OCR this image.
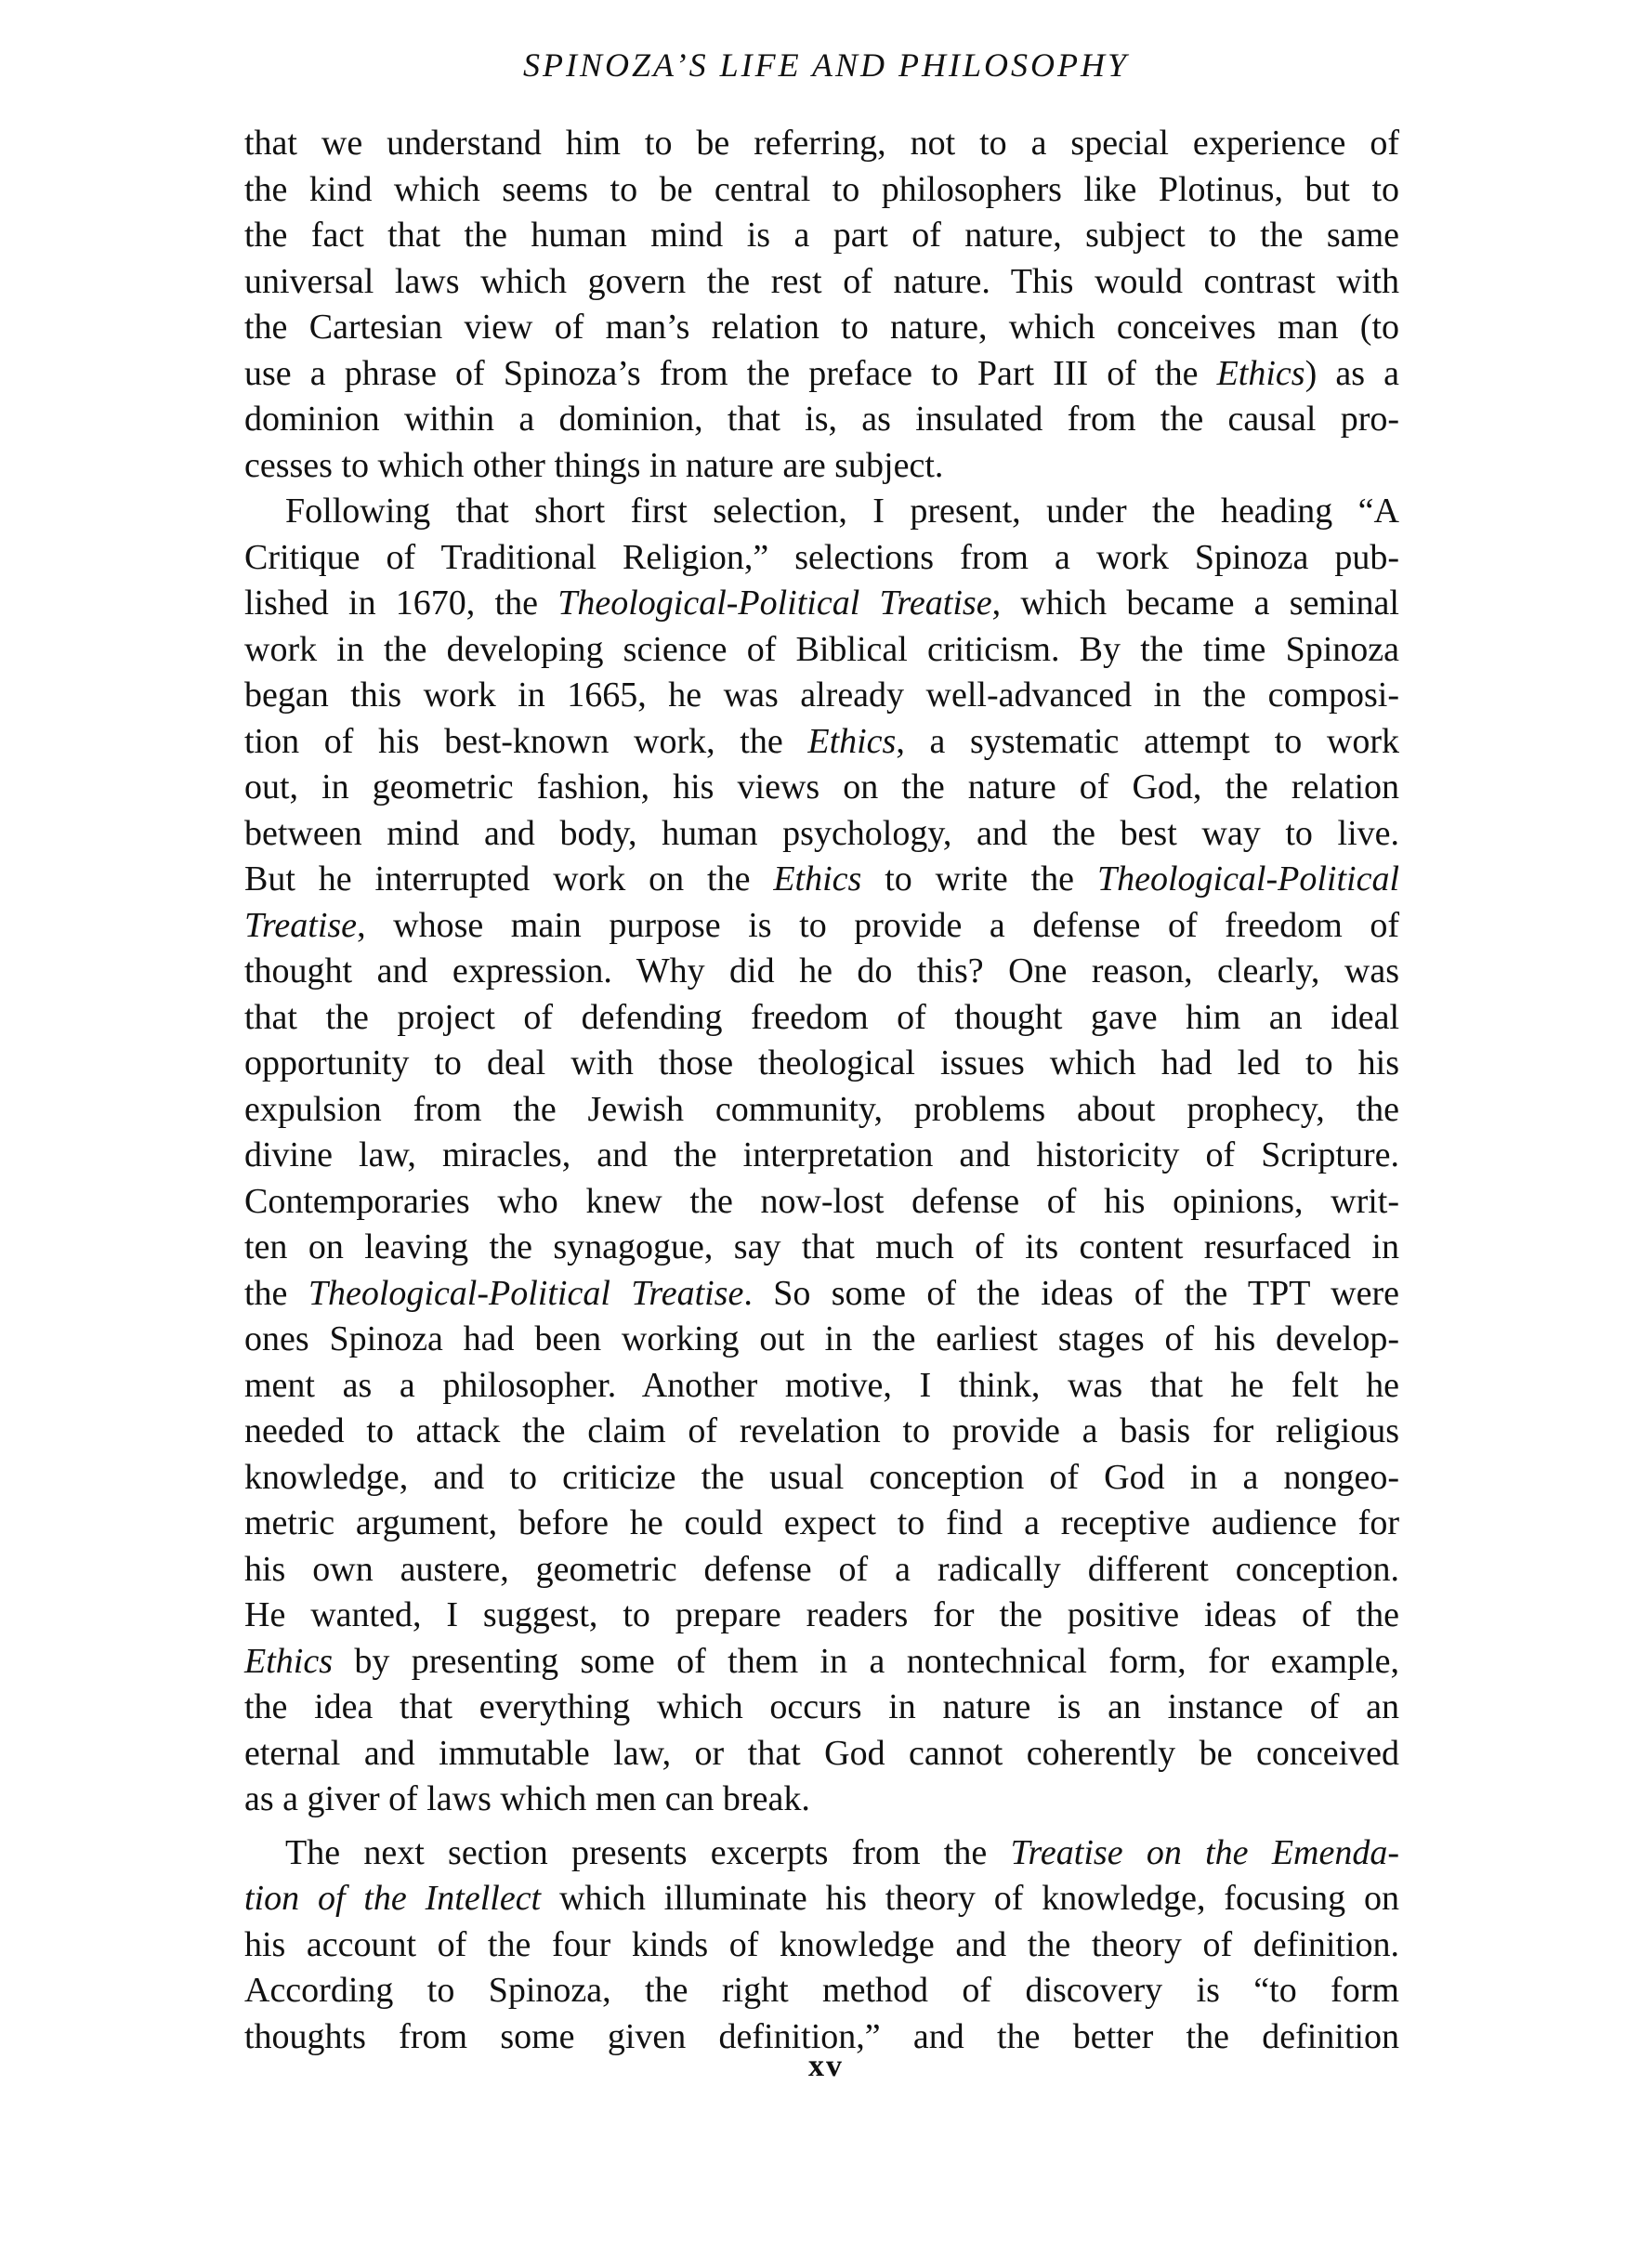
SPINOZA’S LIFE AND PHILOSOPHY
that we understand him to be referring, not to a special experience of
the kind which seems to be central to philosophers like Plotinus, but to
the fact that the human mind is a part of nature, subject to the same
universal laws which govern the rest of nature. This would contrast with
the Cartesian view of man’s relation to nature, which conceives man (to
use a phrase of Spinoza’s from the preface to Part III of the Ethics) as a
dominion within a dominion, that is, as insulated from the causal pro-
cesses to which other things in nature are subject.
Following that short first selection, I present, under the heading “A
Critique of Traditional Religion,” selections from a work Spinoza pub-
lished in 1670, the Theological-Political Treatise, which became a seminal
work in the developing science of Biblical criticism. By the time Spinoza
began this work in 1665, he was already well-advanced in the composi-
tion of his best-known work, the Ethics, a systematic attempt to work
out, in geometric fashion, his views on the nature of God, the relation
between mind and body, human psychology, and the best way to live.
But he interrupted work on the Ethics to write the Theological-Political
Treatise, whose main purpose is to provide a defense of freedom of
thought and expression. Why did he do this? One reason, clearly, was
that the project of defending freedom of thought gave him an ideal
opportunity to deal with those theological issues which had led to his
expulsion from the Jewish community, problems about prophecy, the
divine law, miracles, and the interpretation and historicity of Scripture.
Contemporaries who knew the now-lost defense of his opinions, writ-
ten on leaving the synagogue, say that much of its content resurfaced in
the Theological-Political Treatise. So some of the ideas of the TPT were
ones Spinoza had been working out in the earliest stages of his develop-
ment as a philosopher. Another motive, I think, was that he felt he
needed to attack the claim of revelation to provide a basis for religious
knowledge, and to criticize the usual conception of God in a nongeo-
metric argument, before he could expect to find a receptive audience for
his own austere, geometric defense of a radically different conception.
He wanted, I suggest, to prepare readers for the positive ideas of the
Ethics by presenting some of them in a nontechnical form, for example,
the idea that everything which occurs in nature is an instance of an
eternal and immutable law, or that God cannot coherently be conceived
as a giver of laws which men can break.
The next section presents excerpts from the Treatise on the Emenda-
tion of the Intellect which illuminate his theory of knowledge, focusing on
his account of the four kinds of knowledge and the theory of definition.
According to Spinoza, the right method of discovery is “to form
thoughts from some given definition,” and the better the definition
xv
